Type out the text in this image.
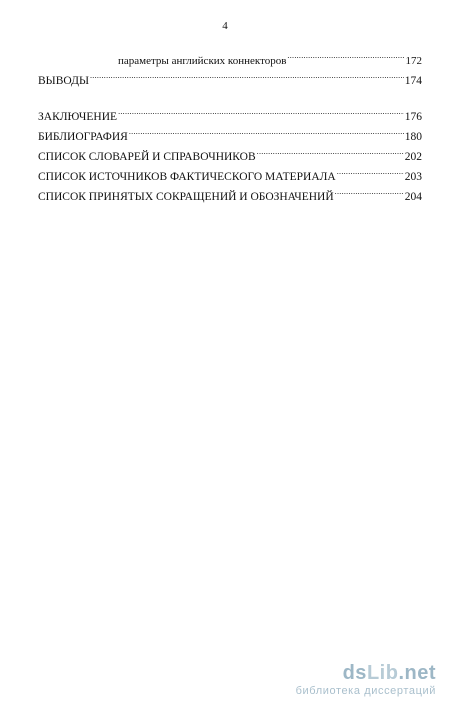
4
параметры английских коннекторов .....	172
ВЫВОДЫ .....	174
ЗАКЛЮЧЕНИЕ .....	176
БИБЛИОГРАФИЯ .....	180
СПИСОК СЛОВАРЕЙ И СПРАВОЧНИКОВ .....	202
СПИСОК ИСТОЧНИКОВ ФАКТИЧЕСКОГО МАТЕРИАЛА .....	203
СПИСОК ПРИНЯТЫХ СОКРАЩЕНИЙ И ОБОЗНАЧЕНИЙ .....	204
dsLib.net
библиотека диссертаций
